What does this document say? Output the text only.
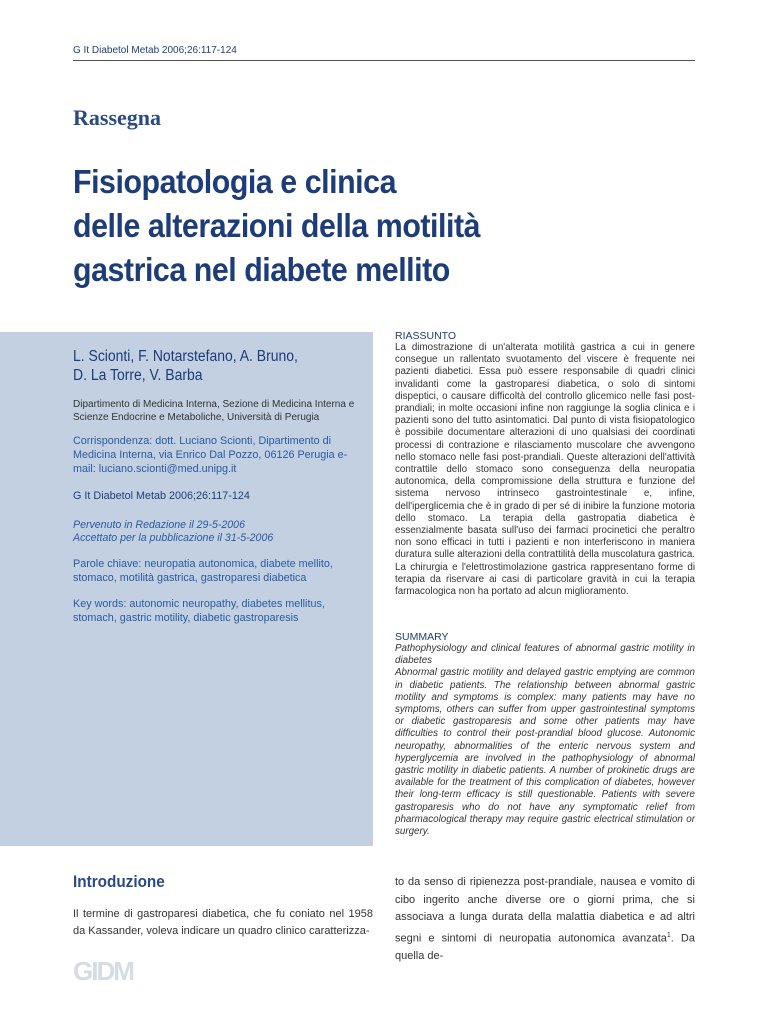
G It Diabetol Metab 2006;26:117-124
Rassegna
Fisiopatologia e clinica
delle alterazioni della motilità
gastrica nel diabete mellito
L. Scionti, F. Notarstefano, A. Bruno,
D. La Torre, V. Barba
Dipartimento di Medicina Interna, Sezione di Medicina Interna e Scienze Endocrine e Metaboliche, Università di Perugia
Corrispondenza: dott. Luciano Scionti, Dipartimento di Medicina Interna, via Enrico Dal Pozzo, 06126 Perugia e-mail: luciano.scionti@med.unipg.it
G It Diabetol Metab 2006;26:117-124
Pervenuto in Redazione il 29-5-2006
Accettato per la pubblicazione il 31-5-2006
Parole chiave: neuropatia autonomica, diabete mellito, stomaco, motilità gastrica, gastroparesi diabetica
Key words: autonomic neuropathy, diabetes mellitus, stomach, gastric motility, diabetic gastroparesis
RIASSUNTO

La dimostrazione di un'alterata motilità gastrica a cui in genere consegue un rallentato svuotamento del viscere è frequente nei pazienti diabetici. Essa può essere responsabile di quadri clinici invalidanti come la gastroparesi diabetica, o solo di sintomi dispeptici, o causare difficoltà del controllo glicemico nelle fasi post-prandiali; in molte occasioni infine non raggiunge la soglia clinica e i pazienti sono del tutto asintomatici. Dal punto di vista fisiopatologico è possibile documentare alterazioni di uno qualsiasi dei coordinati processi di contrazione e rilasciamento muscolare che avvengono nello stomaco nelle fasi post-prandiali. Queste alterazioni dell'attività contrattile dello stomaco sono conseguenza della neuropatia autonomica, della compromissione della struttura e funzione del sistema nervoso intrinseco gastrointestinale e, infine, dell'iperglicemia che è in grado di per sé di inibire la funzione motoria dello stomaco. La terapia della gastropatia diabetica è essenzialmente basata sull'uso dei farmaci procinetici che peraltro non sono efficaci in tutti i pazienti e non interferiscono in maniera duratura sulle alterazioni della contrattilità della muscolatura gastrica. La chirurgia e l'elettrostimolazione gastrica rappresentano forme di terapia da riservare ai casi di particolare gravità in cui la terapia farmacologica non ha portato ad alcun miglioramento.

SUMMARY

Pathophysiology and clinical features of abnormal gastric motility in diabetes

Abnormal gastric motility and delayed gastric emptying are common in diabetic patients. The relationship between abnormal gastric motility and symptoms is complex: many patients may have no symptoms, others can suffer from upper gastrointestinal symptoms or diabetic gastroparesis and some other patients may have difficulties to control their post-prandial blood glucose. Autonomic neuropathy, abnormalities of the enteric nervous system and hyperglycemia are involved in the pathophysiology of abnormal gastric motility in diabetic patients. A number of prokinetic drugs are available for the treatment of this complication of diabetes, however their long-term efficacy is still questionable. Patients with severe gastroparesis who do not have any symptomatic relief from pharmacological therapy may require gastric electrical stimulation or surgery.

Introduzione
Il termine di gastroparesi diabetica, che fu coniato nel 1958 da Kassander, voleva indicare un quadro clinico caratterizza-
to da senso di ripienezza post-prandiale, nausea e vomito di cibo ingerito anche diverse ore o giorni prima, che si associava a lunga durata della malattia diabetica e ad altri segni e sintomi di neuropatia autonomica avanzata$^1$. Da quella de-
GIDM
